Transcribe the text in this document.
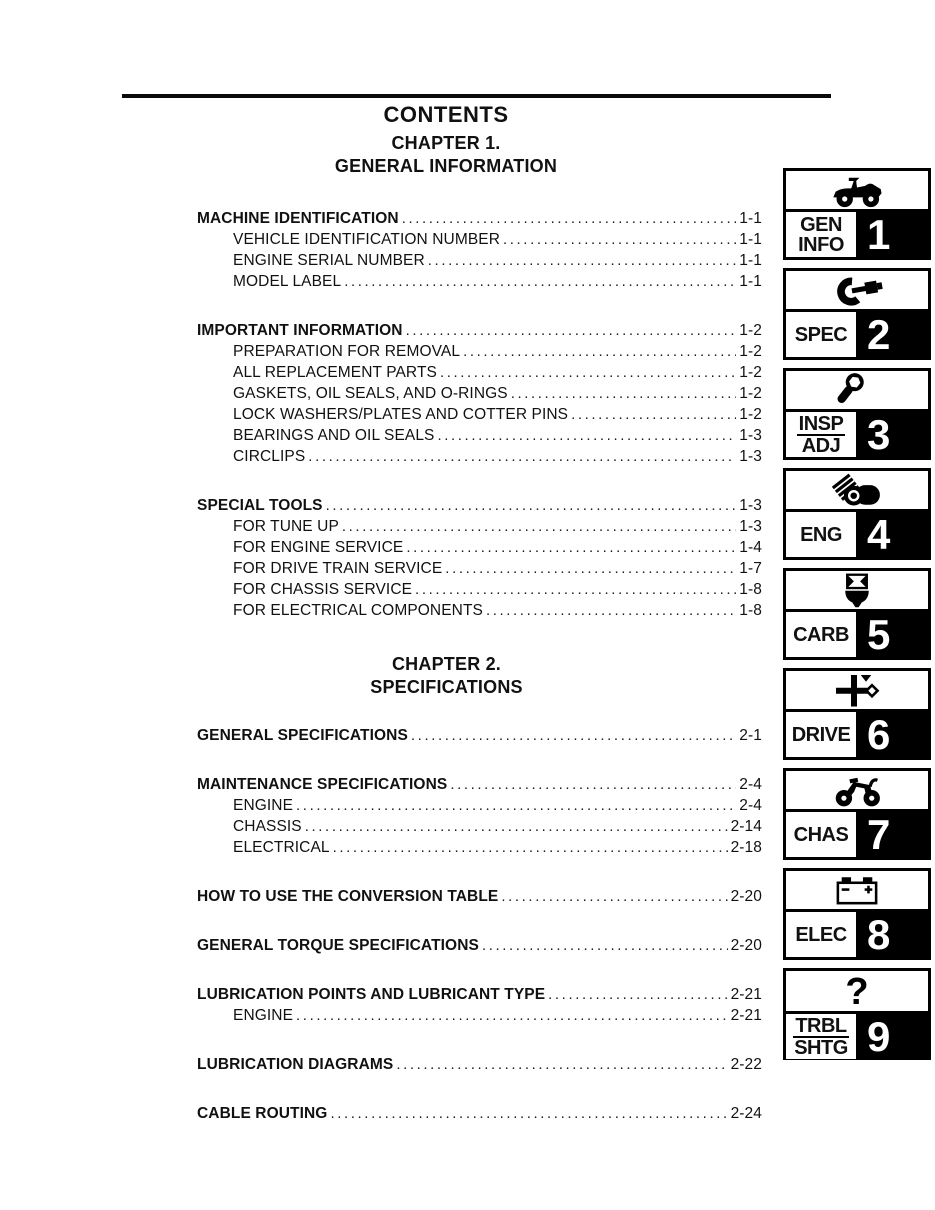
CONTENTS
CHAPTER 1.
GENERAL INFORMATION
MACHINE IDENTIFICATION .....	1-1
VEHICLE IDENTIFICATION NUMBER .....	1-1
ENGINE SERIAL NUMBER .....	1-1
MODEL LABEL .....	1-1
IMPORTANT INFORMATION .....	1-2
PREPARATION FOR REMOVAL .....	1-2
ALL REPLACEMENT PARTS .....	1-2
GASKETS, OIL SEALS, AND O-RINGS .....	1-2
LOCK WASHERS/PLATES AND COTTER PINS .....	1-2
BEARINGS AND OIL SEALS .....	1-3
CIRCLIPS .....	1-3
SPECIAL TOOLS .....	1-3
FOR TUNE UP .....	1-3
FOR ENGINE SERVICE .....	1-4
FOR DRIVE TRAIN SERVICE .....	1-7
FOR CHASSIS SERVICE .....	1-8
FOR ELECTRICAL COMPONENTS .....	1-8
CHAPTER 2.
SPECIFICATIONS
GENERAL SPECIFICATIONS .....	2-1
MAINTENANCE SPECIFICATIONS .....	2-4
ENGINE .....	2-4
CHASSIS .....	2-14
ELECTRICAL .....	2-18
HOW TO USE THE CONVERSION TABLE .....	2-20
GENERAL TORQUE SPECIFICATIONS .....	2-20
LUBRICATION POINTS AND LUBRICANT TYPE .....	2-21
ENGINE .....	2-21
LUBRICATION DIAGRAMS .....	2-22
CABLE ROUTING .....	2-24
GEN
INFO 1
SPEC 2
INSP
ADJ 3
ENG 4
CARB 5
DRIVE 6
CHAS 7
ELEC 8
?
TRBL
SHTG 9
